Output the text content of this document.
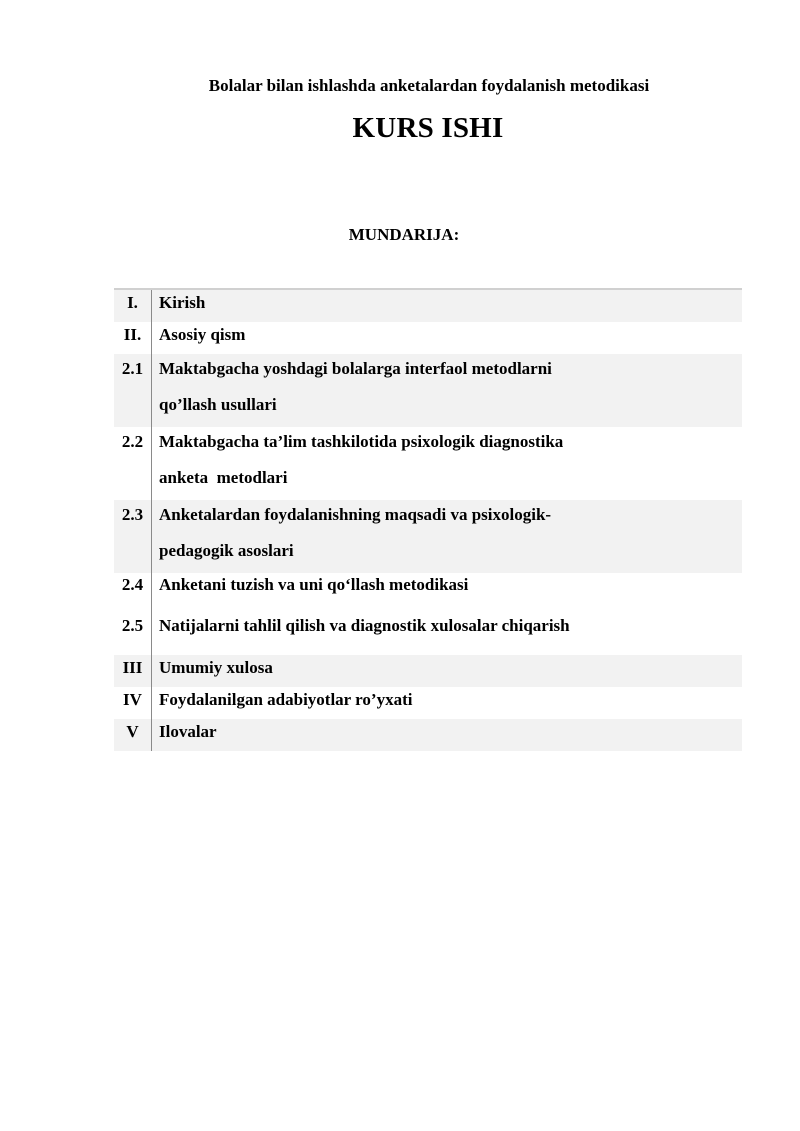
Bolalar bilan ishlashda anketalardan foydalanish metodikasi
KURS ISHI
MUNDARIJA:
I.	Kirish
II.	Asosiy qism
2.1 Maktabgacha yoshdagi bolalarga interfaol metodlarni
qo’llash usullari
2.2 Maktabgacha ta’lim tashkilotida psixologik diagnostika
anketa  metodlari
2.3 Anketalardan foydalanishning maqsadi va psixologik-
pedagogik asoslari
2.4 Anketani tuzish va uni qo‘llash metodikasi
2.5 Natijalarni tahlil qilish va diagnostik xulosalar chiqarish
III Umumiy xulosa
IV	Foydalanilgan adabiyotlar ro’yxati
V	Ilovalar
